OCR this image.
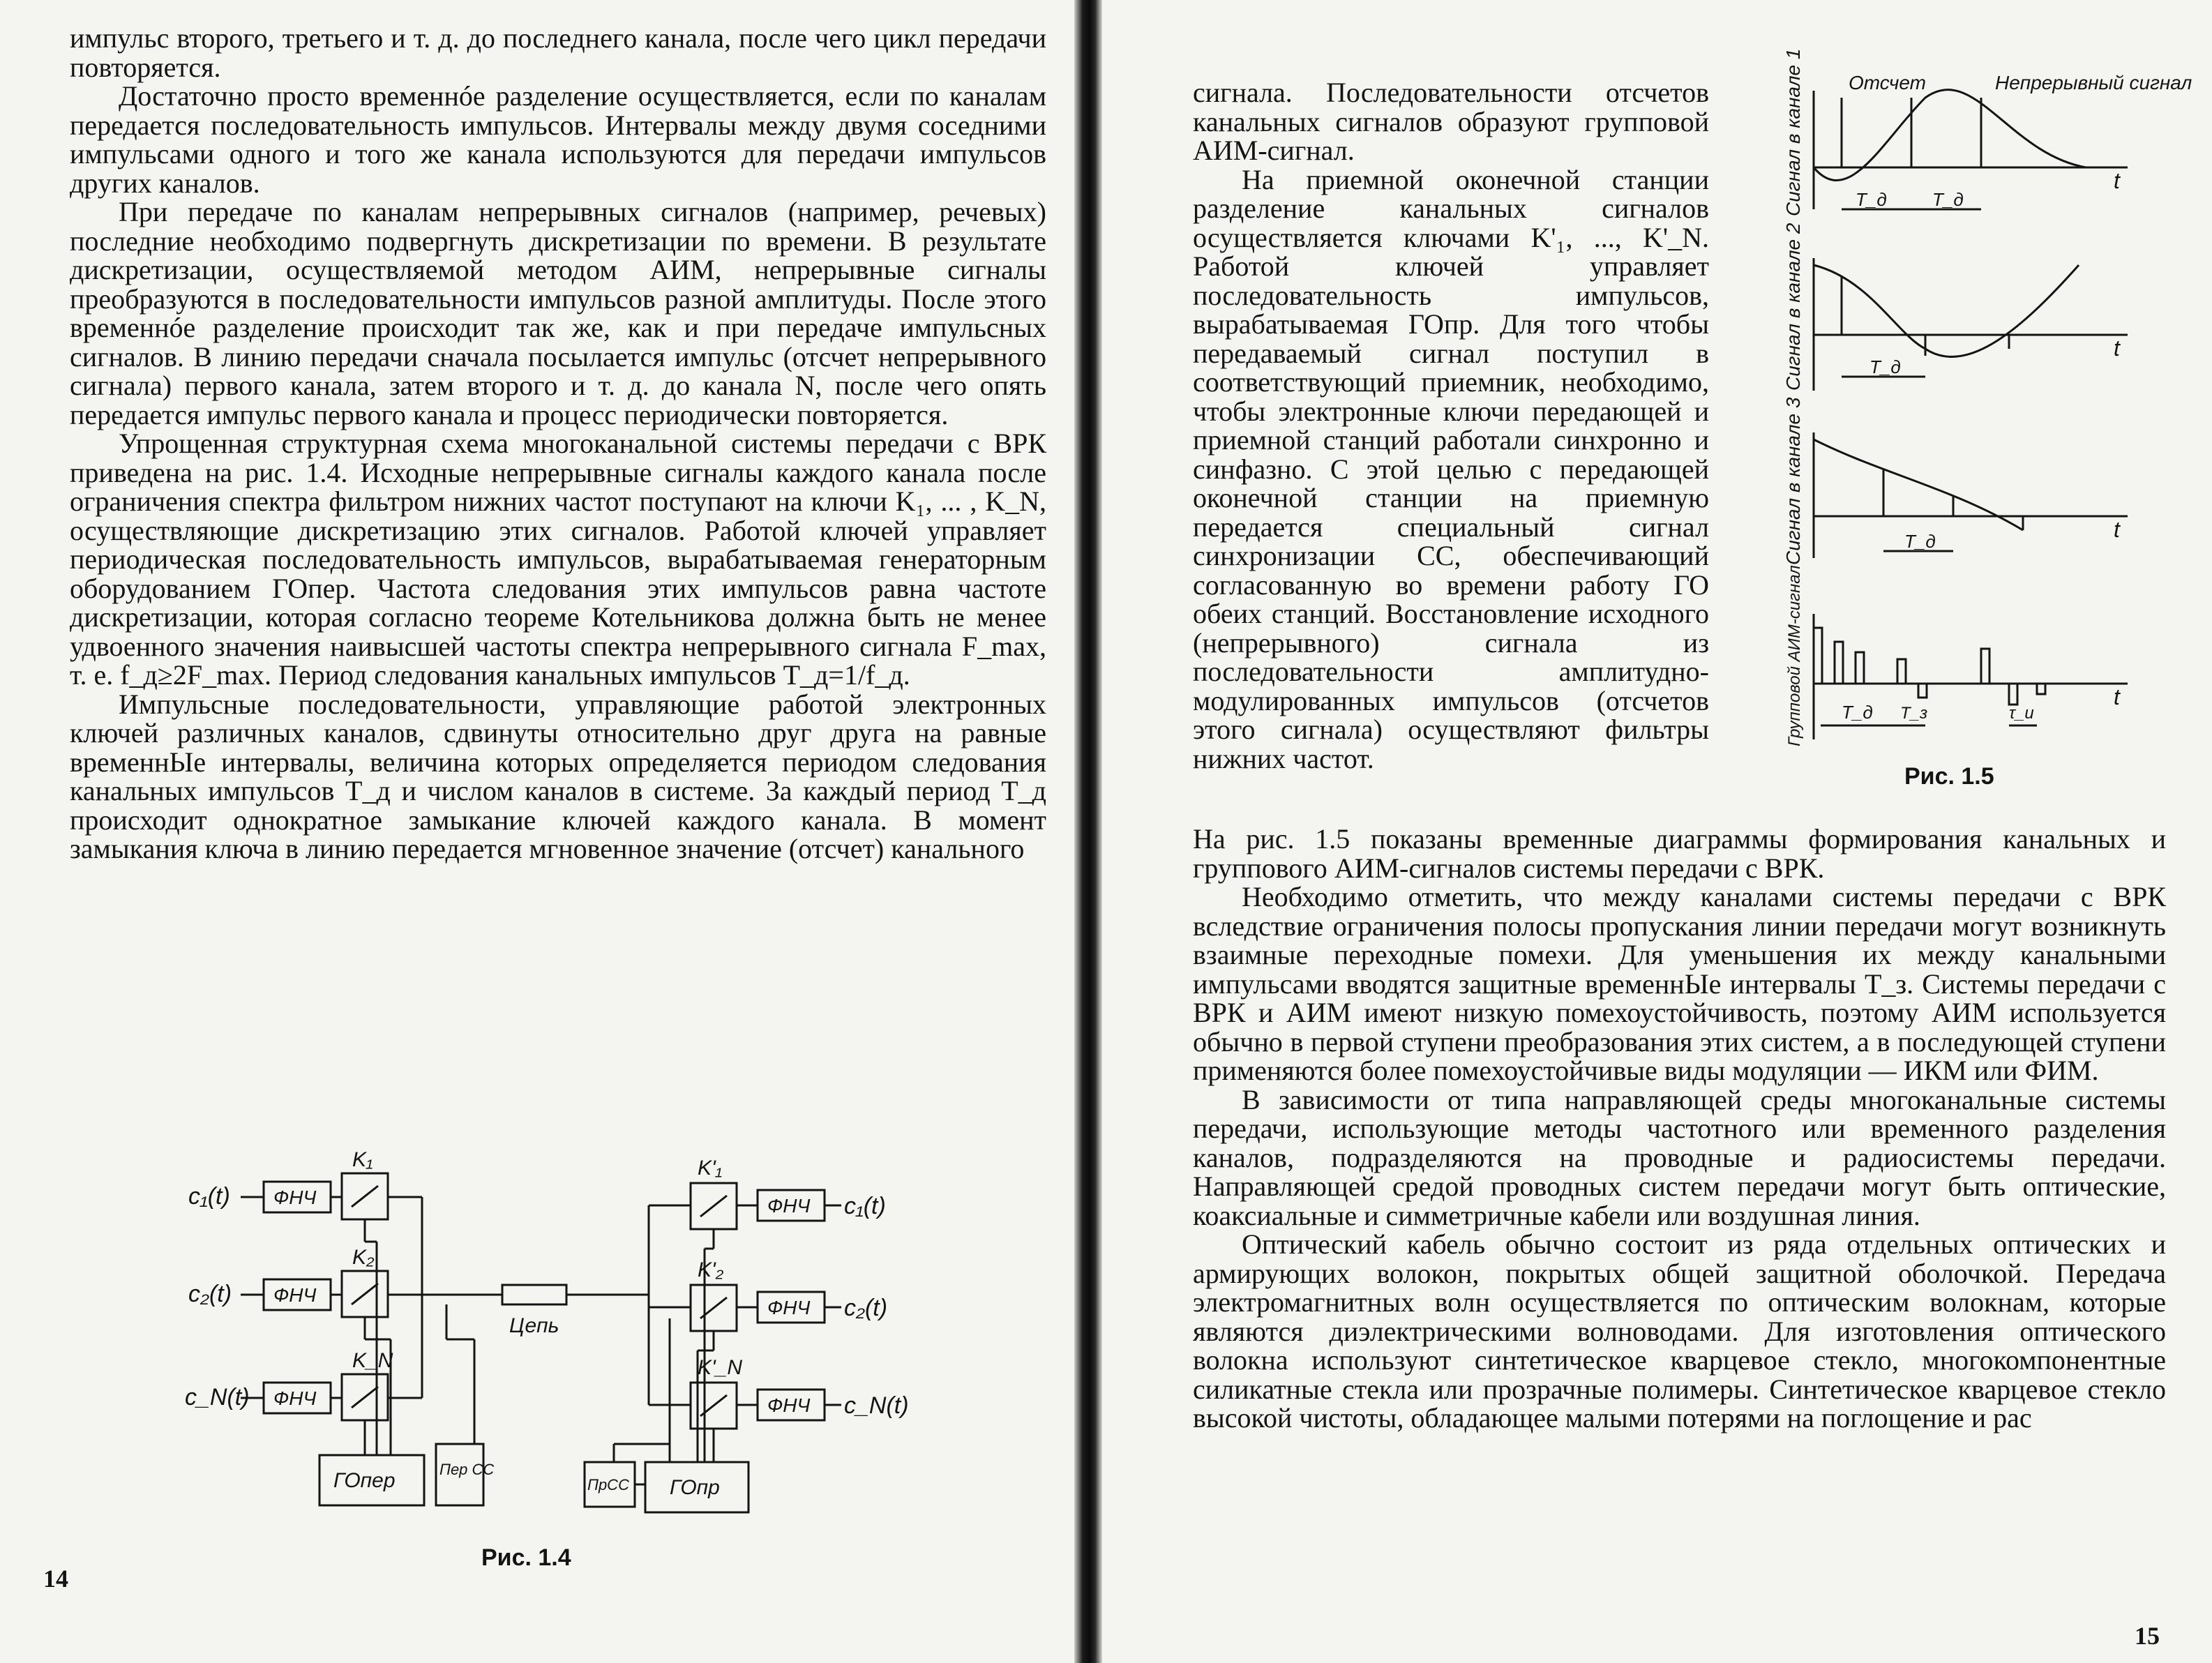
импульс второго, третьего и т. д. до последнего канала, после чего цикл передачи повторяется.

Достаточно просто временнóе разделение осуществляется, если по каналам передается последовательность импульсов. Интервалы между двумя соседними импульсами одного и того же канала используются для передачи импульсов других каналов.

При передаче по каналам непрерывных сигналов (например, речевых) последние необходимо подвергнуть дискретизации по времени. В результате дискретизации, осуществляемой методом АИМ, непрерывные сигналы преобразуются в последовательности импульсов разной амплитуды. После этого временнóе разделение происходит так же, как и при передаче импульсных сигналов. В линию передачи сначала посылается импульс (отсчет непрерывного сигнала) первого канала, затем второго и т. д. до канала N, после чего опять передается импульс первого канала и процесс периодически повторяется.

Упрощенная структурная схема многоканальной системы передачи с ВРК приведена на рис. 1.4. Исходные непрерывные сигналы каждого канала после ограничения спектра фильтром нижних частот поступают на ключи K₁, ... , K_N, осуществляющие дискретизацию этих сигналов. Работой ключей управляет периодическая последовательность импульсов, вырабатываемая генераторным оборудованием ГОпер. Частота следования этих импульсов равна частоте дискретизации, которая согласно теореме Котельникова должна быть не менее удвоенного значения наивысшей частоты спектра непрерывного сигнала F_max, т. е. f_д≥2F_max. Период следования канальных импульсов T_д=1/f_д.

Импульсные последовательности, управляющие работой электронных ключей различных каналов, сдвинуты относительно друг друга на равные временнЫе интервалы, величина которых определяется периодом следования канальных импульсов T_д и числом каналов в системе. За каждый период T_д происходит однократное замыкание ключей каждого канала. В момент замыкания ключа в линию передается мгновенное значение (отсчет) канального

c₁(t)
c₂(t)
c_N(t)
ФНЧ
ФНЧ
ФНЧ
K₁
K₂
K_N
Цепь
ГОпер	Пер СС
K'₁
K'₂
K'_N
ФНЧ
ФНЧ
ФНЧ
c₁(t)
c₂(t)
c_N(t)
ПрСС ГОпр
Рис. 1.4
14

сигнала. Последовательности отсчетов канальных сигналов образуют групповой АИМ-сигнал.

На приемной оконечной станции разделение канальных сигналов осуществляется ключами K'₁, ..., K'_N. Работой ключей управляет последовательность импульсов, вырабатываемая ГОпр. Для того чтобы передаваемый сигнал поступил в соответствующий приемник, необходимо, чтобы электронные ключи передающей и приемной станций работали синхронно и синфазно. С этой целью с передающей оконечной станции на приемную передается специальный сигнал синхронизации СС, обеспечивающий согласованную во времени работу ГО обеих станций. Восстановление исходного (непрерывного) сигнала из последовательности амплитудно-модулированных импульсов (отсчетов этого сигнала) осуществляют фильтры нижних частот.

Отсчет	Непрерывный сигнал
t
t
t
t
T_д	T_д
T_д
T_д
T_д T_з	τ_и
Сигнал в канале 1
Сигнал в канале 2
Сигнал в канале 3
Групповой АИМ-сигнал
Рис. 1.5

На рис. 1.5 показаны временные диаграммы формирования канальных и группового АИМ-сигналов системы передачи с ВРК.

Необходимо отметить, что между каналами системы передачи с ВРК вследствие ограничения полосы пропускания линии передачи могут возникнуть взаимные переходные помехи. Для уменьшения их между канальными импульсами вводятся защитные временнЫе интервалы T_з. Системы передачи с ВРК и АИМ имеют низкую помехоустойчивость, поэтому АИМ используется обычно в первой ступени преобразования этих систем, а в последующей ступени применяются более помехоустойчивые виды модуляции — ИКМ или ФИМ.

В зависимости от типа направляющей среды многоканальные системы передачи, использующие методы частотного или временного разделения каналов, подразделяются на проводные и радиосистемы передачи. Направляющей средой проводных систем передачи могут быть оптические, коаксиальные и симметричные кабели или воздушная линия.

Оптический кабель обычно состоит из ряда отдельных оптических и армирующих волокон, покрытых общей защитной оболочкой. Передача электромагнитных волн осуществляется по оптическим волокнам, которые являются диэлектрическими волноводами. Для изготовления оптического волокна используют синтетическое кварцевое стекло, многокомпонентные силикатные стекла или прозрачные полимеры. Синтетическое кварцевое стекло высокой чистоты, обладающее малыми потерями на поглощение и рас

15
